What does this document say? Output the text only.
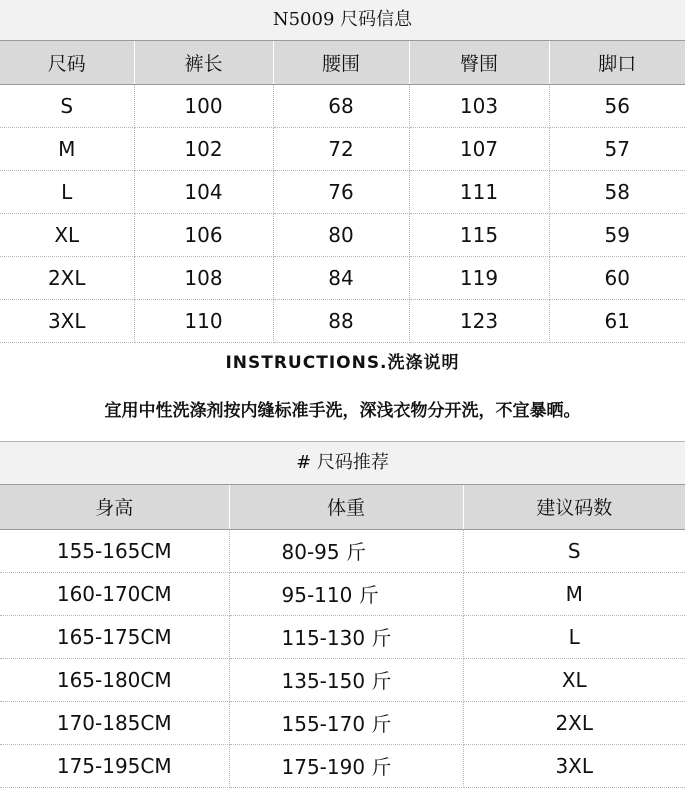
N5009 尺码信息
尺码	裤长	腰围	臀围	脚口
S	100	68	103	56
M	102	72	107	57
L	104	76	111	58
XL	106	80	115	59
2XL	108	84	119	60
3XL	110	88	123	61
INSTRUCTIONS.洗涤说明
宜用中性洗涤剂按内缝标准手洗，深浅衣物分开洗，不宜暴晒。
# 尺码推荐
身高	体重	建议码数
155-165CM	80-95 斤	S
160-170CM	95-110 斤	M
165-175CM	115-130 斤	L
165-180CM	135-150 斤	XL
170-185CM	155-170 斤	2XL
175-195CM	175-190 斤	3XL
